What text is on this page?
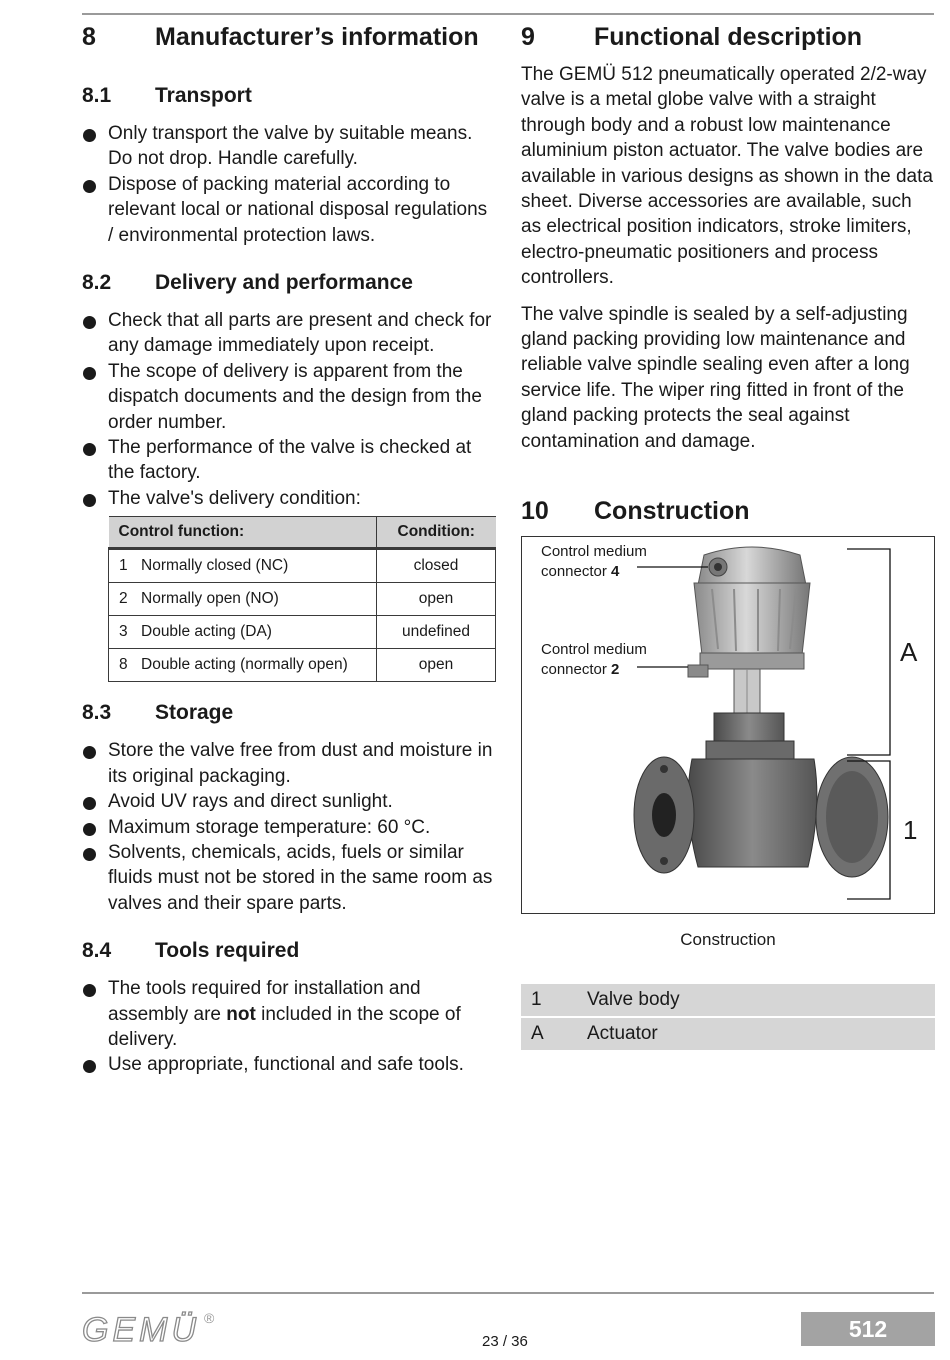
8	Manufacturer’s information
8.1	Transport
Only transport the valve by suitable means. Do not drop. Handle carefully.
Dispose of packing material according to relevant local or national disposal regulations / environmental protection laws.
8.2	Delivery and performance
Check that all parts are present and check for any damage immediately upon receipt.
The scope of delivery is apparent from the dispatch documents and the design from the order number.
The performance of the valve is checked at the factory.
The valve's delivery condition:
Control function:	Condition:
1 Normally closed (NC)	closed
2 Normally open (NO)	open
3 Double acting (DA)	undefined
8 Double acting (normally open)	open
8.3	Storage
Store the valve free from dust and moisture in its original packaging.
Avoid UV rays and direct sunlight.
Maximum storage temperature: 60 °C.
Solvents, chemicals, acids, fuels or similar fluids must not be stored in the same room as valves and their spare parts.
8.4	Tools required
The tools required for installation and assembly are not included in the scope of delivery.
Use appropriate, functional and safe tools.
9	Functional description

The GEMÜ 512 pneumatically operated 2/2-way valve is a metal globe valve with a straight through body and a robust low maintenance aluminium piston actuator. The valve bodies are available in various designs as shown in the data sheet. Diverse accessories are available, such as electrical position indicators, stroke limiters, electro-pneumatic positioners and process controllers.

The valve spindle is sealed by a self-adjusting gland packing providing low maintenance and reliable valve spindle sealing even after a long service life. The wiper ring fitted in front of the gland packing protects the seal against contamination and damage.

10	Construction
Control medium
connector 4
Control medium
connector 2
A
1
Construction
1	Valve body
A	Actuator
GEMÜ ®
23 / 36	512
